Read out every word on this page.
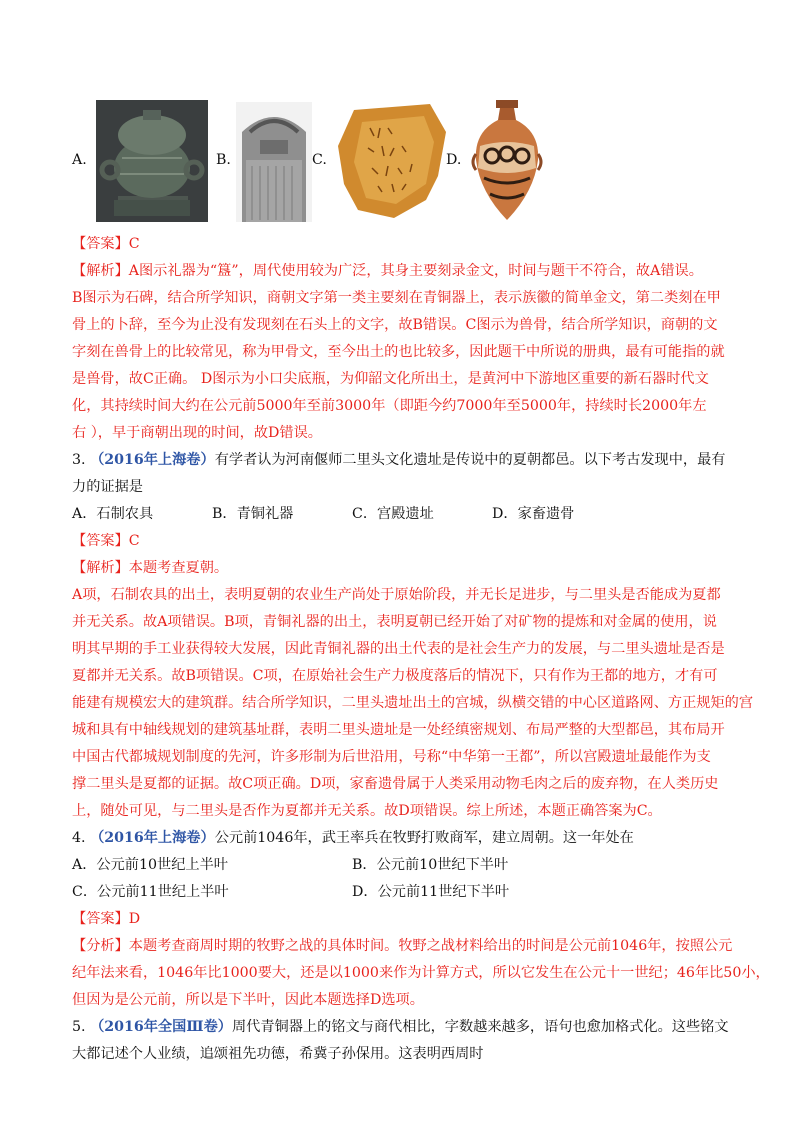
A.	B.	C.	D.
【答案】C
【解析】A图示礼器为“簋”，周代使用较为广泛，其身主要刻录金文，时间与题干不符合，故A错误。
B图示为石碑，结合所学知识，商朝文字第一类主要刻在青铜器上，表示族徽的简单金文，第二类刻在甲
骨上的卜辞，至今为止没有发现刻在石头上的文字，故B错误。C图示为兽骨，结合所学知识，商朝的文
字刻在兽骨上的比较常见，称为甲骨文，至今出土的也比较多，因此题干中所说的册典，最有可能指的就
是兽骨，故C正确。 D图示为小口尖底瓶，为仰韶文化所出土，是黄河中下游地区重要的新石器时代文
化，其持续时间大约在公元前5000年至前3000年（即距今约7000年至5000年，持续时长2000年左
右 ），早于商朝出现的时间，故D错误。
3. （2016年上海卷）有学者认为河南偃师二里头文化遗址是传说中的夏朝都邑。以下考古发现中，最有
力的证据是
A．石制农具	B．青铜礼器	C．宫殿遗址	D．家畜遗骨
【答案】C
【解析】本题考查夏朝。
A项，石制农具的出土，表明夏朝的农业生产尚处于原始阶段，并无长足进步，与二里头是否能成为夏都
并无关系。故A项错误。B项，青铜礼器的出土，表明夏朝已经开始了对矿物的提炼和对金属的使用，说
明其早期的手工业获得较大发展，因此青铜礼器的出土代表的是社会生产力的发展，与二里头遗址是否是
夏都并无关系。故B项错误。C项，在原始社会生产力极度落后的情况下，只有作为王都的地方，才有可
能建有规模宏大的建筑群。结合所学知识，二里头遗址出土的宫城，纵横交错的中心区道路网、方正规矩的宫
城和具有中轴线规划的建筑基址群，表明二里头遗址是一处经缜密规划、布局严整的大型都邑，其布局开
中国古代都城规划制度的先河，许多形制为后世沿用，号称“中华第一王都”，所以宫殿遗址最能作为支
撑二里头是夏都的证据。故C项正确。D项，家畜遗骨属于人类采用动物毛肉之后的废弃物，在人类历史
上，随处可见，与二里头是否作为夏都并无关系。故D项错误。综上所述，本题正确答案为C。
4. （2016年上海卷）公元前1046年，武王率兵在牧野打败商军，建立周朝。这一年处在
A．公元前10世纪上半叶	B．公元前10世纪下半叶
C．公元前11世纪上半叶	D．公元前11世纪下半叶
【答案】D
【分析】本题考查商周时期的牧野之战的具体时间。牧野之战材料给出的时间是公元前1046年，按照公元
纪年法来看，1046年比1000要大，还是以1000来作为计算方式，所以它发生在公元十一世纪；46年比50小，
但因为是公元前，所以是下半叶，因此本题选择D选项。
5. （2016年全国Ⅲ卷）周代青铜器上的铭文与商代相比，字数越来越多，语句也愈加格式化。这些铭文
大都记述个人业绩，追颂祖先功德，希冀子孙保用。这表明西周时
